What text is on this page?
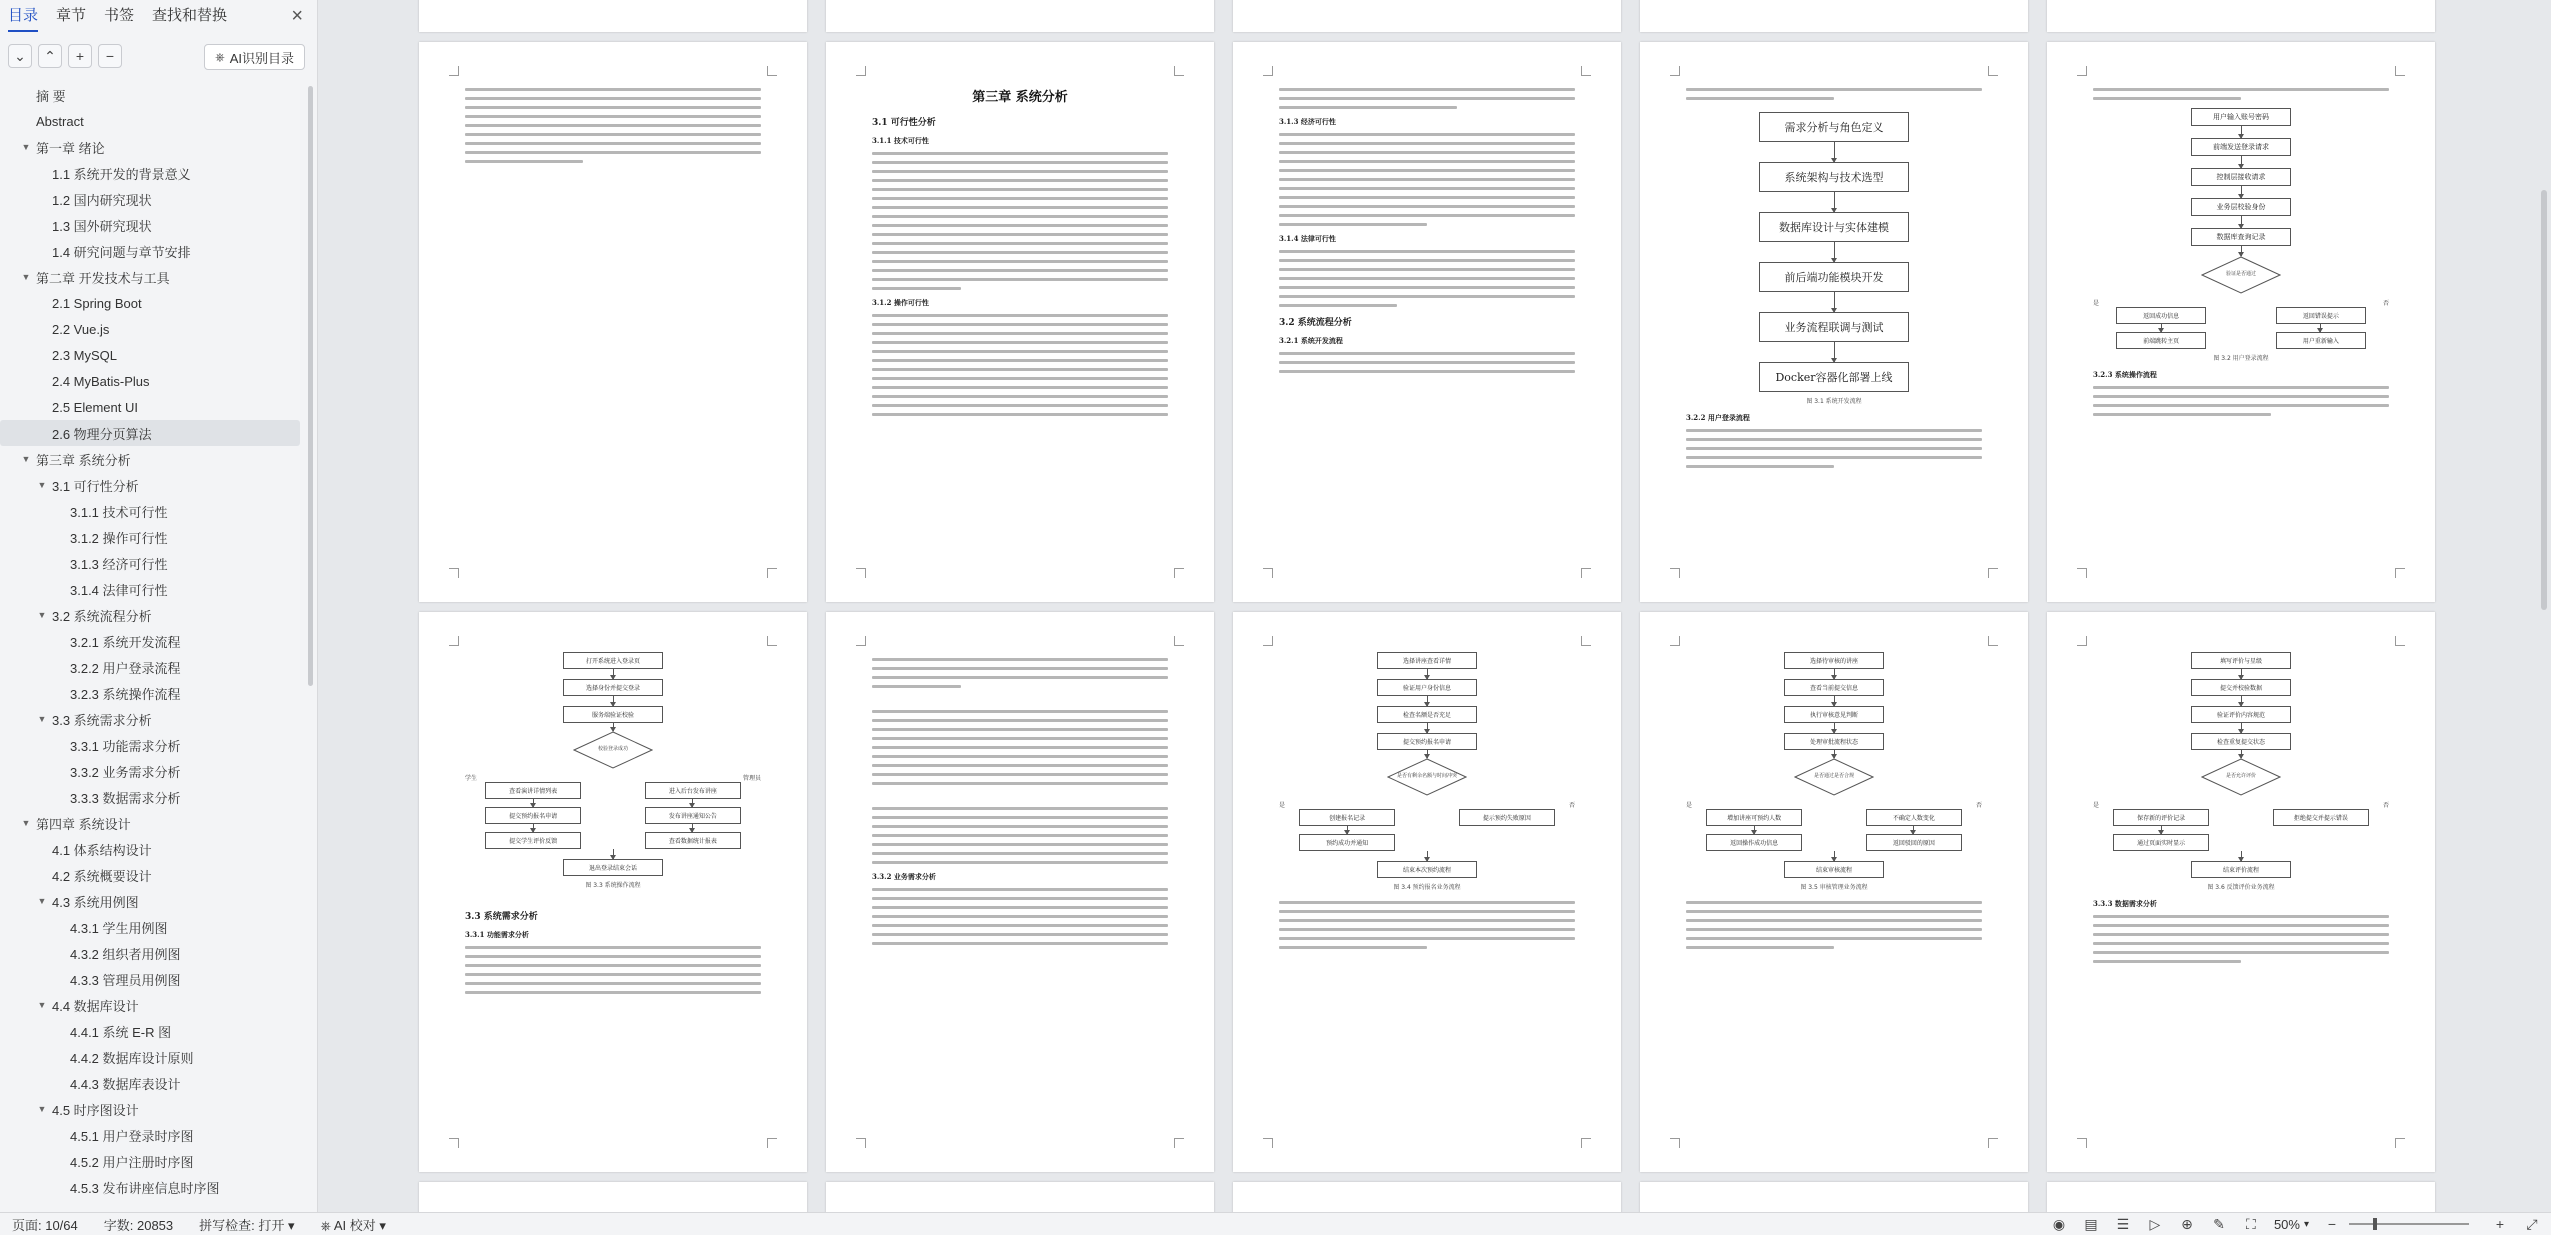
目录 章节 书签 查找和替换	×
⌄	⌃	+	−	⎈ AI识别目录
摘 要
Abstract
▼ 第一章 绪论
1.1 系统开发的背景意义
1.2 国内研究现状
1.3 国外研究现状
1.4 研究问题与章节安排
▼ 第二章 开发技术与工具
2.1 Spring Boot
2.2 Vue.js
2.3 MySQL
2.4 MyBatis-Plus
2.5 Element UI
2.6 物理分页算法
▼ 第三章 系统分析
▼ 3.1 可行性分析
3.1.1 技术可行性
3.1.2 操作可行性
3.1.3 经济可行性
3.1.4 法律可行性
▼ 3.2 系统流程分析
3.2.1 系统开发流程
3.2.2 用户登录流程
3.2.3 系统操作流程
▼ 3.3 系统需求分析
3.3.1 功能需求分析
3.3.2 业务需求分析
3.3.3 数据需求分析
▼ 第四章 系统设计
4.1 体系结构设计
4.2 系统概要设计
▼ 4.3 系统用例图
4.3.1 学生用例图
4.3.2 组织者用例图
4.3.3 管理员用例图
▼ 4.4 数据库设计
4.4.1 系统 E-R 图
4.4.2 数据库设计原则
4.4.3 数据库表设计
▼ 4.5 时序图设计
4.5.1 用户登录时序图
4.5.2 用户注册时序图
4.5.3 发布讲座信息时序图
第三章 系统分析
3.1 可行性分析
3.1.1 技术可行性
3.1.2 操作可行性
3.1.3 经济可行性
3.1.4 法律可行性
3.2 系统流程分析
3.2.1 系统开发流程
需求分析与角色定义
系统架构与技术选型
数据库设计与实体建模
前后端功能模块开发
业务流程联调与测试
Docker容器化部署上线
图 3.1 系统开发流程
3.2.2 用户登录流程
用户输入账号密码
前端发送登录请求
控制层接收请求
业务层校验身份
数据库查询记录
验证是否通过
是
返回成功信息
前端跳转主页
否
返回错误提示
用户重新输入
图 3.2 用户登录流程
3.2.3 系统操作流程
打开系统进入登录页
选择身份并提交登录
服务端验证校验
校验登录成功
学生
查看演讲详情列表
提交预约报名申请
提交学生评价反馈
管理员
进入后台发布讲座
发布讲座通知公告
查看数据统计报表
退出登录结束会话
图 3.3 系统操作流程
3.3 系统需求分析
3.3.1 功能需求分析
3.3.2 业务需求分析
选择讲座查看详情
验证用户身份信息
检查名额是否充足
提交预约报名申请
是否有剩余名额与时间冲突
是
创建报名记录
预约成功并通知
否
提示预约失败原因
结束本次预约流程
图 3.4 预约报名业务流程
选择待审核的讲座
查看当前提交信息
执行审核意见判断
处理审批流程状态
是否通过是否合规
是
增加讲座可预约人数
返回操作成功信息
否
不确定人数变化
返回驳回的原因
结束审核流程
图 3.5 审核管理业务流程
填写评价与星级
提交并校验数据
验证评价内容规范
检查重复提交状态
是否允许评价
是
保存新的评价记录
通过页面实时显示
否
拒绝提交并提示错误
结束评价流程
图 3.6 反馈评价业务流程
3.3.3 数据需求分析
页面: 10/64 字数: 20853 拼写检查: 打开 ▾ ⎈ AI 校对 ▾	◉ ▤ ☰ ▷ ⊕ ✎ ⛶	50% ▾	−	+	⤢
